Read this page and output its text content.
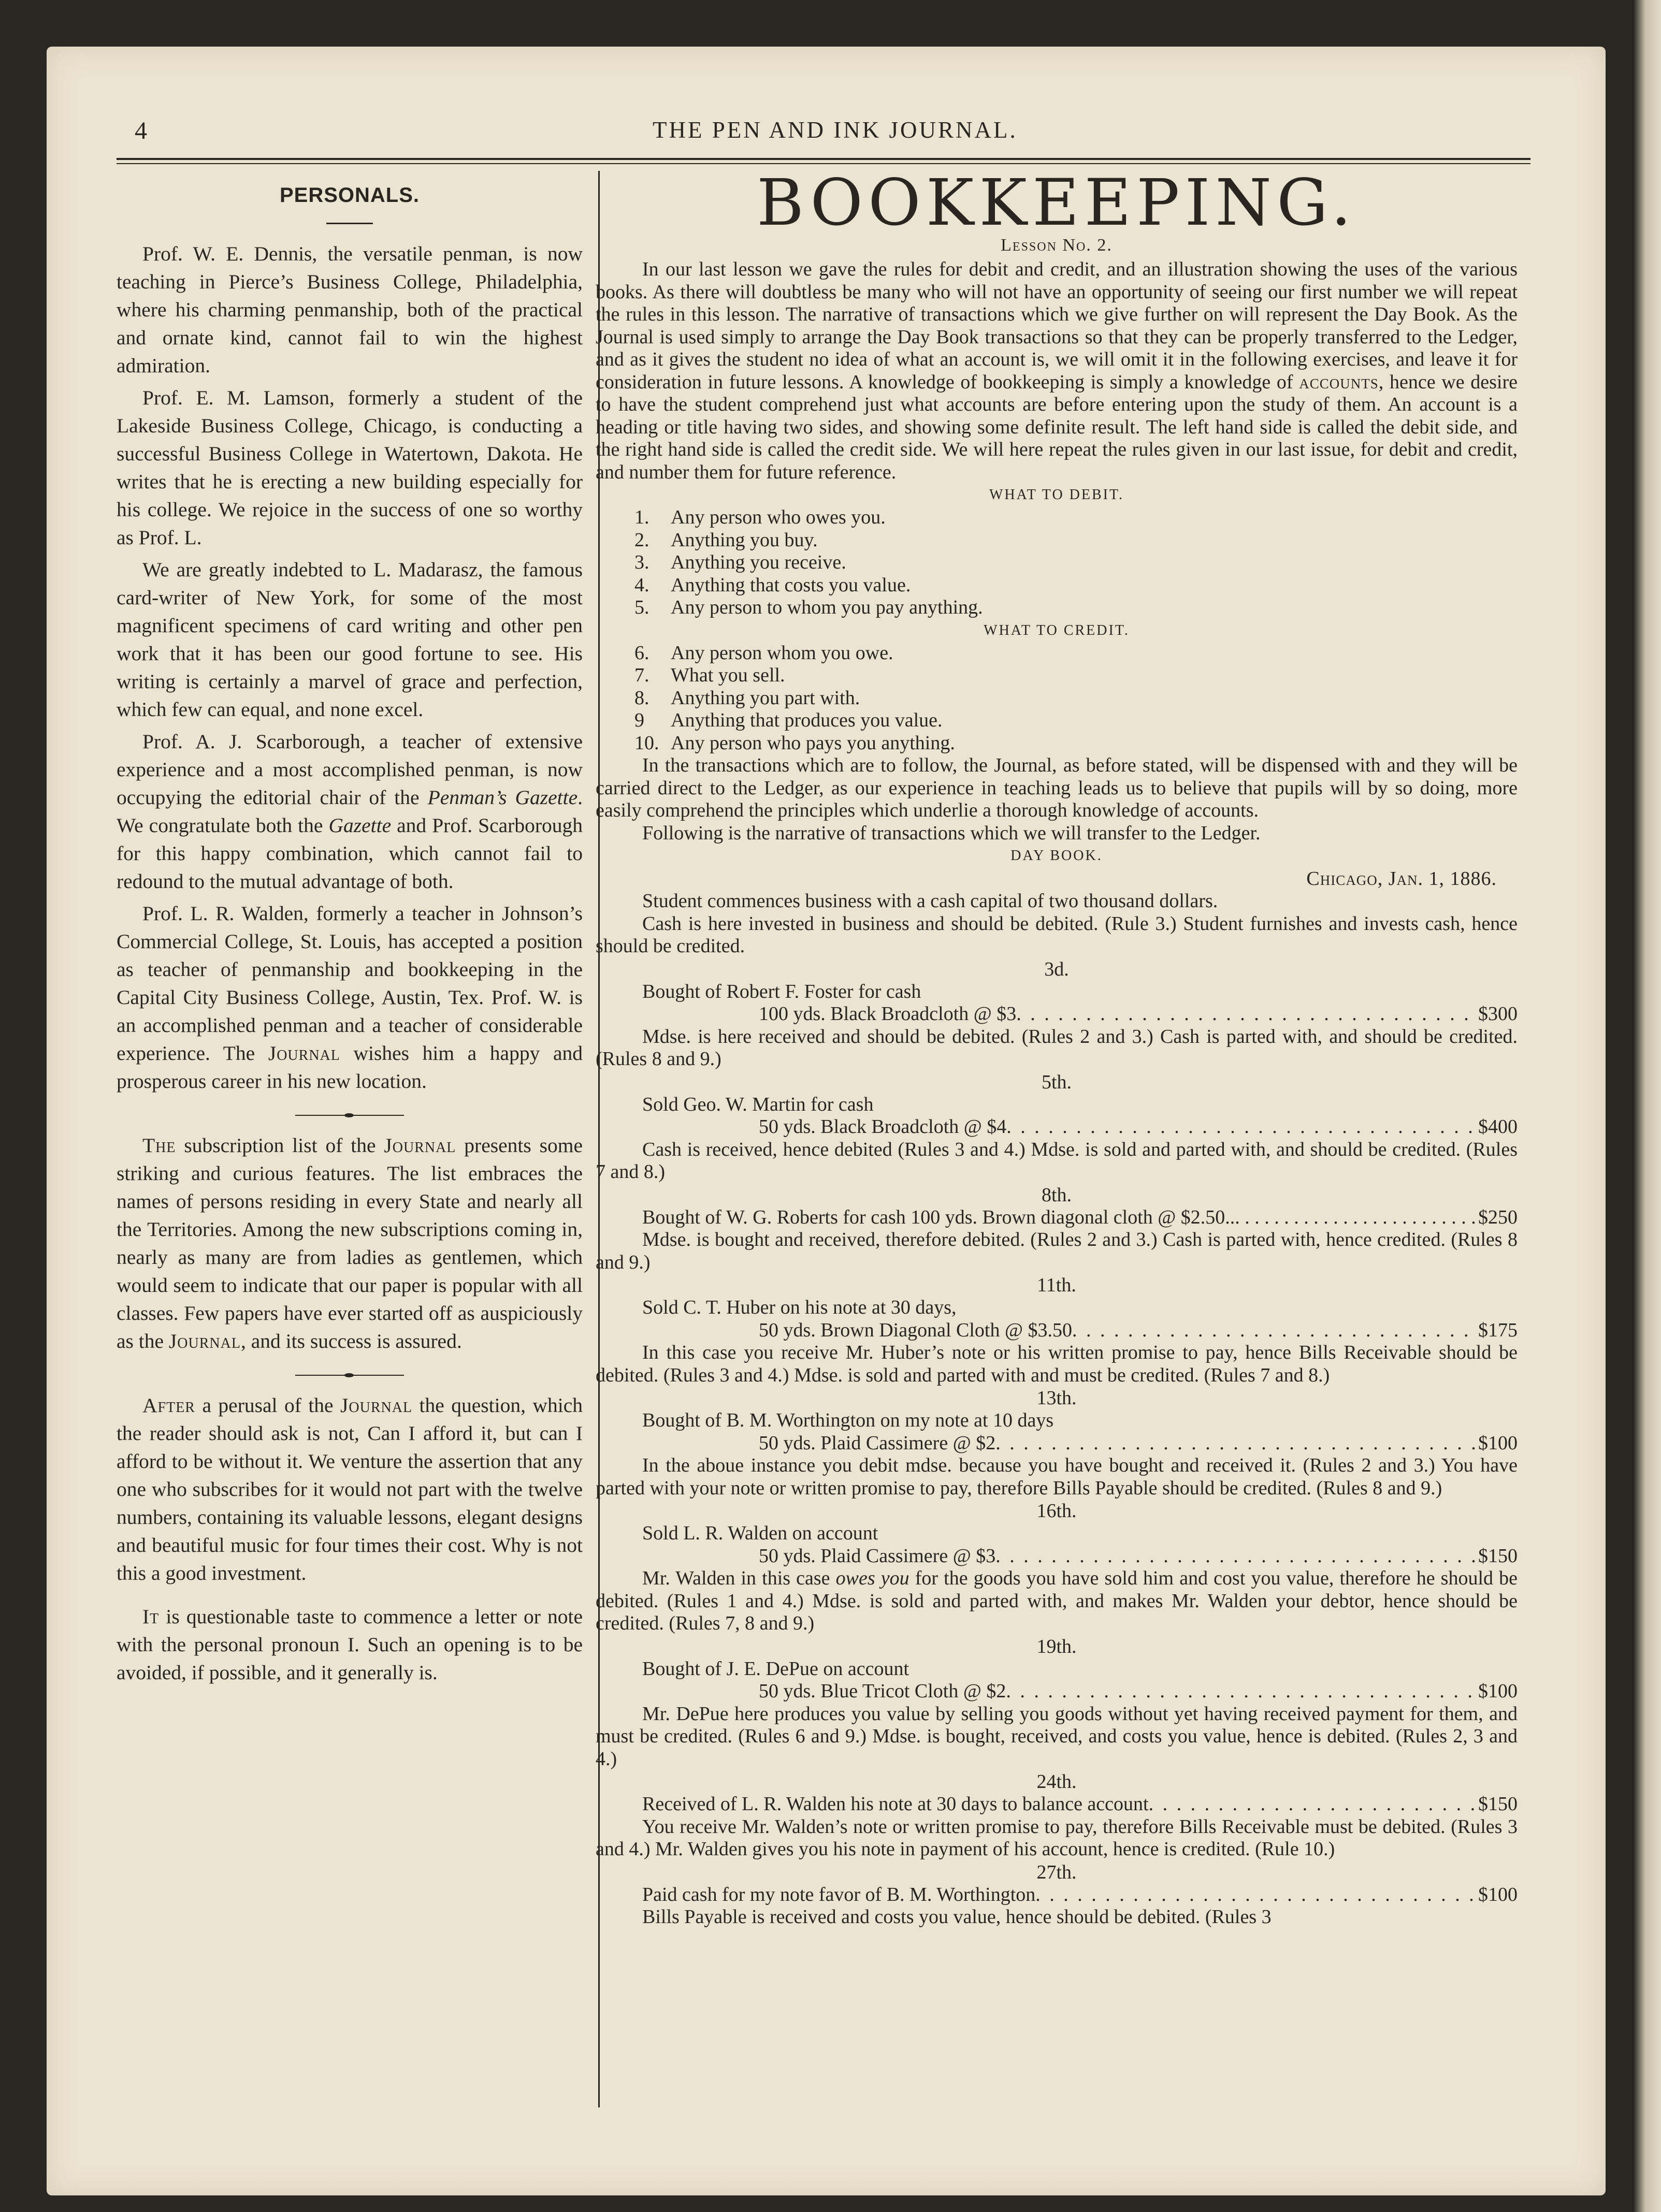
4	THE PEN AND INK JOURNAL.
PERSONALS.

Prof. W. E. Dennis, the versatile penman, is now teaching in Pierce’s Business College, Philadelphia, where his charming penmanship, both of the practical and ornate kind, cannot fail to win the highest admiration.

Prof. E. M. Lamson, formerly a student of the Lakeside Business College, Chicago, is conducting a successful Business College in Watertown, Dakota. He writes that he is erecting a new building especially for his college. We rejoice in the success of one so worthy as Prof. L.

We are greatly indebted to L. Madarasz, the famous card-writer of New York, for some of the most magnificent specimens of card writing and other pen work that it has been our good fortune to see. His writing is certainly a marvel of grace and perfection, which few can equal, and none excel.

Prof. A. J. Scarborough, a teacher of extensive experience and a most accomplished penman, is now occupying the editorial chair of the Penman’s Gazette. We congratulate both the Gazette and Prof. Scarborough for this happy combination, which cannot fail to redound to the mutual advantage of both.

Prof. L. R. Walden, formerly a teacher in Johnson’s Commercial College, St. Louis, has accepted a position as teacher of penmanship and bookkeeping in the Capital City Business College, Austin, Tex. Prof. W. is an accomplished penman and a teacher of considerable experience. The Journal wishes him a happy and prosperous career in his new location.

The subscription list of the Journal presents some striking and curious features. The list embraces the names of persons residing in every State and nearly all the Territories. Among the new subscriptions coming in, nearly as many are from ladies as gentlemen, which would seem to indicate that our paper is popular with all classes. Few papers have ever started off as auspiciously as the Journal, and its success is assured.

After a perusal of the Journal the question, which the reader should ask is not, Can I afford it, but can I afford to be without it. We venture the assertion that any one who subscribes for it would not part with the twelve numbers, containing its valuable lessons, elegant designs and beautiful music for four times their cost. Why is not this a good investment.

It is questionable taste to commence a letter or note with the personal pronoun I. Such an opening is to be avoided, if possible, and it generally is.

BOOKKEEPING.
Lesson No. 2.

In our last lesson we gave the rules for debit and credit, and an illustration showing the uses of the various books. As there will doubtless be many who will not have an opportunity of seeing our first number we will repeat the rules in this lesson. The narrative of transactions which we give further on will represent the Day Book. As the Journal is used simply to arrange the Day Book transactions so that they can be properly transferred to the Ledger, and as it gives the student no idea of what an account is, we will omit it in the following exercises, and leave it for consideration in future lessons. A knowledge of bookkeeping is simply a knowledge of accounts, hence we desire to have the student comprehend just what accounts are before entering upon the study of them. An account is a heading or title having two sides, and showing some definite result. The left hand side is called the debit side, and the right hand side is called the credit side. We will here repeat the rules given in our last issue, for debit and credit, and number them for future reference.

WHAT TO DEBIT.

1. Any person who owes you.

2. Anything you buy.

3. Anything you receive.

4. Anything that costs you value.

5. Any person to whom you pay anything.

WHAT TO CREDIT.

6. Any person whom you owe.

7. What you sell.

8. Anything you part with.

9 Anything that produces you value.

10. Any person who pays you anything.

In the transactions which are to follow, the Journal, as before stated, will be dispensed with and they will be carried direct to the Ledger, as our experience in teaching leads us to believe that pupils will by so doing, more easily comprehend the principles which underlie a thorough knowledge of accounts.

Following is the narrative of transactions which we will transfer to the Ledger.

DAY BOOK.

Chicago, Jan. 1, 1886.

Student commences business with a cash capital of two thousand dollars.

Cash is here invested in business and should be debited. (Rule 3.) Student furnishes and invests cash, hence should be credited.

3d.

Bought of Robert F. Foster for cash

100 yds. Black Broadcloth @ $3 . . .	$300

Mdse. is here received and should be debited. (Rules 2 and 3.) Cash is parted with, and should be credited. (Rules 8 and 9.)

5th.

Sold Geo. W. Martin for cash

50 yds. Black Broadcloth @ $4 . . .	$400

Cash is received, hence debited (Rules 3 and 4.) Mdse. is sold and parted with, and should be credited. (Rules 7 and 8.)

8th.

Bought of W. G. Roberts for cash 100 yds. Brown diagonal cloth @ $2.50.. . . .	$250

Mdse. is bought and received, therefore debited. (Rules 2 and 3.) Cash is parted with, hence credited. (Rules 8 and 9.)

11th.

Sold C. T. Huber on his note at 30 days,

50 yds. Brown Diagonal Cloth @ $3.50 . . .	$175

In this case you receive Mr. Huber’s note or his written promise to pay, hence Bills Receivable should be debited. (Rules 3 and 4.) Mdse. is sold and parted with and must be credited. (Rules 7 and 8.)

13th.

Bought of B. M. Worthington on my note at 10 days

50 yds. Plaid Cassimere @ $2 . . .	$100

In the aboue instance you debit mdse. because you have bought and received it. (Rules 2 and 3.) You have parted with your note or written promise to pay, therefore Bills Payable should be credited. (Rules 8 and 9.)

16th.

Sold L. R. Walden on account

50 yds. Plaid Cassimere @ $3 . . .	$150

Mr. Walden in this case owes you for the goods you have sold him and cost you value, therefore he should be debited. (Rules 1 and 4.) Mdse. is sold and parted with, and makes Mr. Walden your debtor, hence should be credited. (Rules 7, 8 and 9.)

19th.

Bought of J. E. DePue on account

50 yds. Blue Tricot Cloth @ $2 . . .	$100

Mr. DePue here produces you value by selling you goods without yet having received payment for them, and must be credited. (Rules 6 and 9.) Mdse. is bought, received, and costs you value, hence is debited. (Rules 2, 3 and 4.)

24th.

Received of L. R. Walden his note at 30 days to balance account . . .	$150

You receive Mr. Walden’s note or written promise to pay, therefore Bills Receivable must be debited. (Rules 3 and 4.) Mr. Walden gives you his note in payment of his account, hence is credited. (Rule 10.)

27th.

Paid cash for my note favor of B. M. Worthington . . .	$100

Bills Payable is received and costs you value, hence should be debited. (Rules 3
